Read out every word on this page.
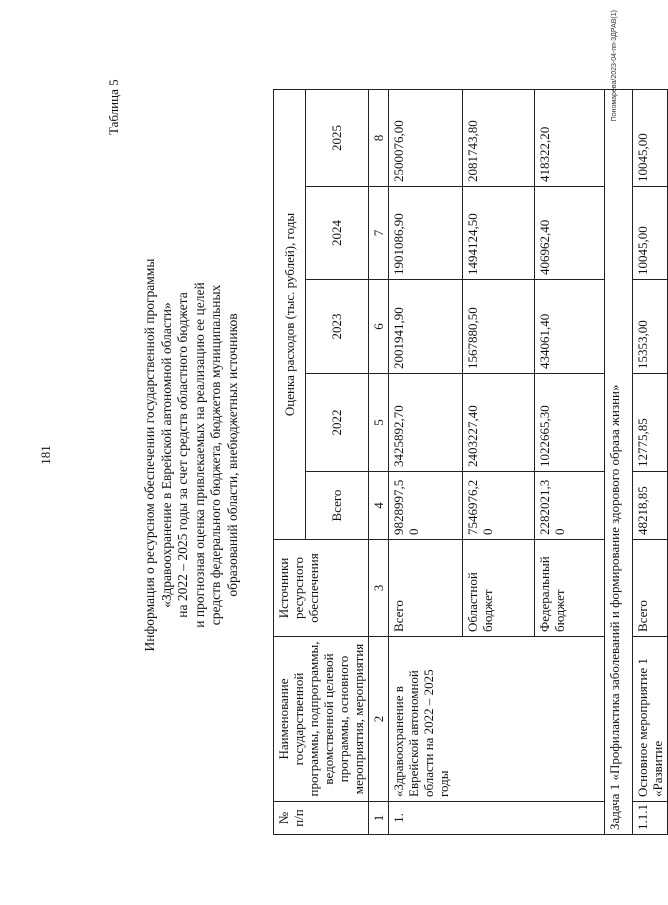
181
Таблица 5
Информация о ресурсном обеспечении государственной программы «Здравоохранение в Еврейской автономной области» на 2022 – 2025 годы за счет средств областного бюджета и прогнозная оценка привлекаемых на реализацию ее целей средств федерального бюджета, бюджетов муниципальных образований области, внебюджетных источников
№ п/п	Наименование государственной программы, подпрограммы, ведомственной целевой программы, основного мероприятия, мероприятия	Источники ресурсного обеспечения	Оценка расходов (тыс. рублей), годы				
			Всего	2022	2023	2024	2025
1	2	3	4	5	6	7	8
1.	«Здравоохранение в Еврейской автономной области на 2022 – 2025 годы	Всего	9828997,50	3425892,70	2001941,90	1901086,90	2500076,00
		Областной бюджет	7546976,20	2403227,40	1567880,50	1494124,50	2081743,80
		Федеральный бюджет	2282021,30	1022665,30	434061,40	406962,40	418322,20
Задача 1 «Профилактика заболеваний и формирование здорового образа жизни»							
1.1.1	Основное мероприятие 1 «Развитие	Всего	48218,85	12775,85	15353,00	10045,00	10045,00
Пономарева/2023-04-пп-3ДРАВ(1)
